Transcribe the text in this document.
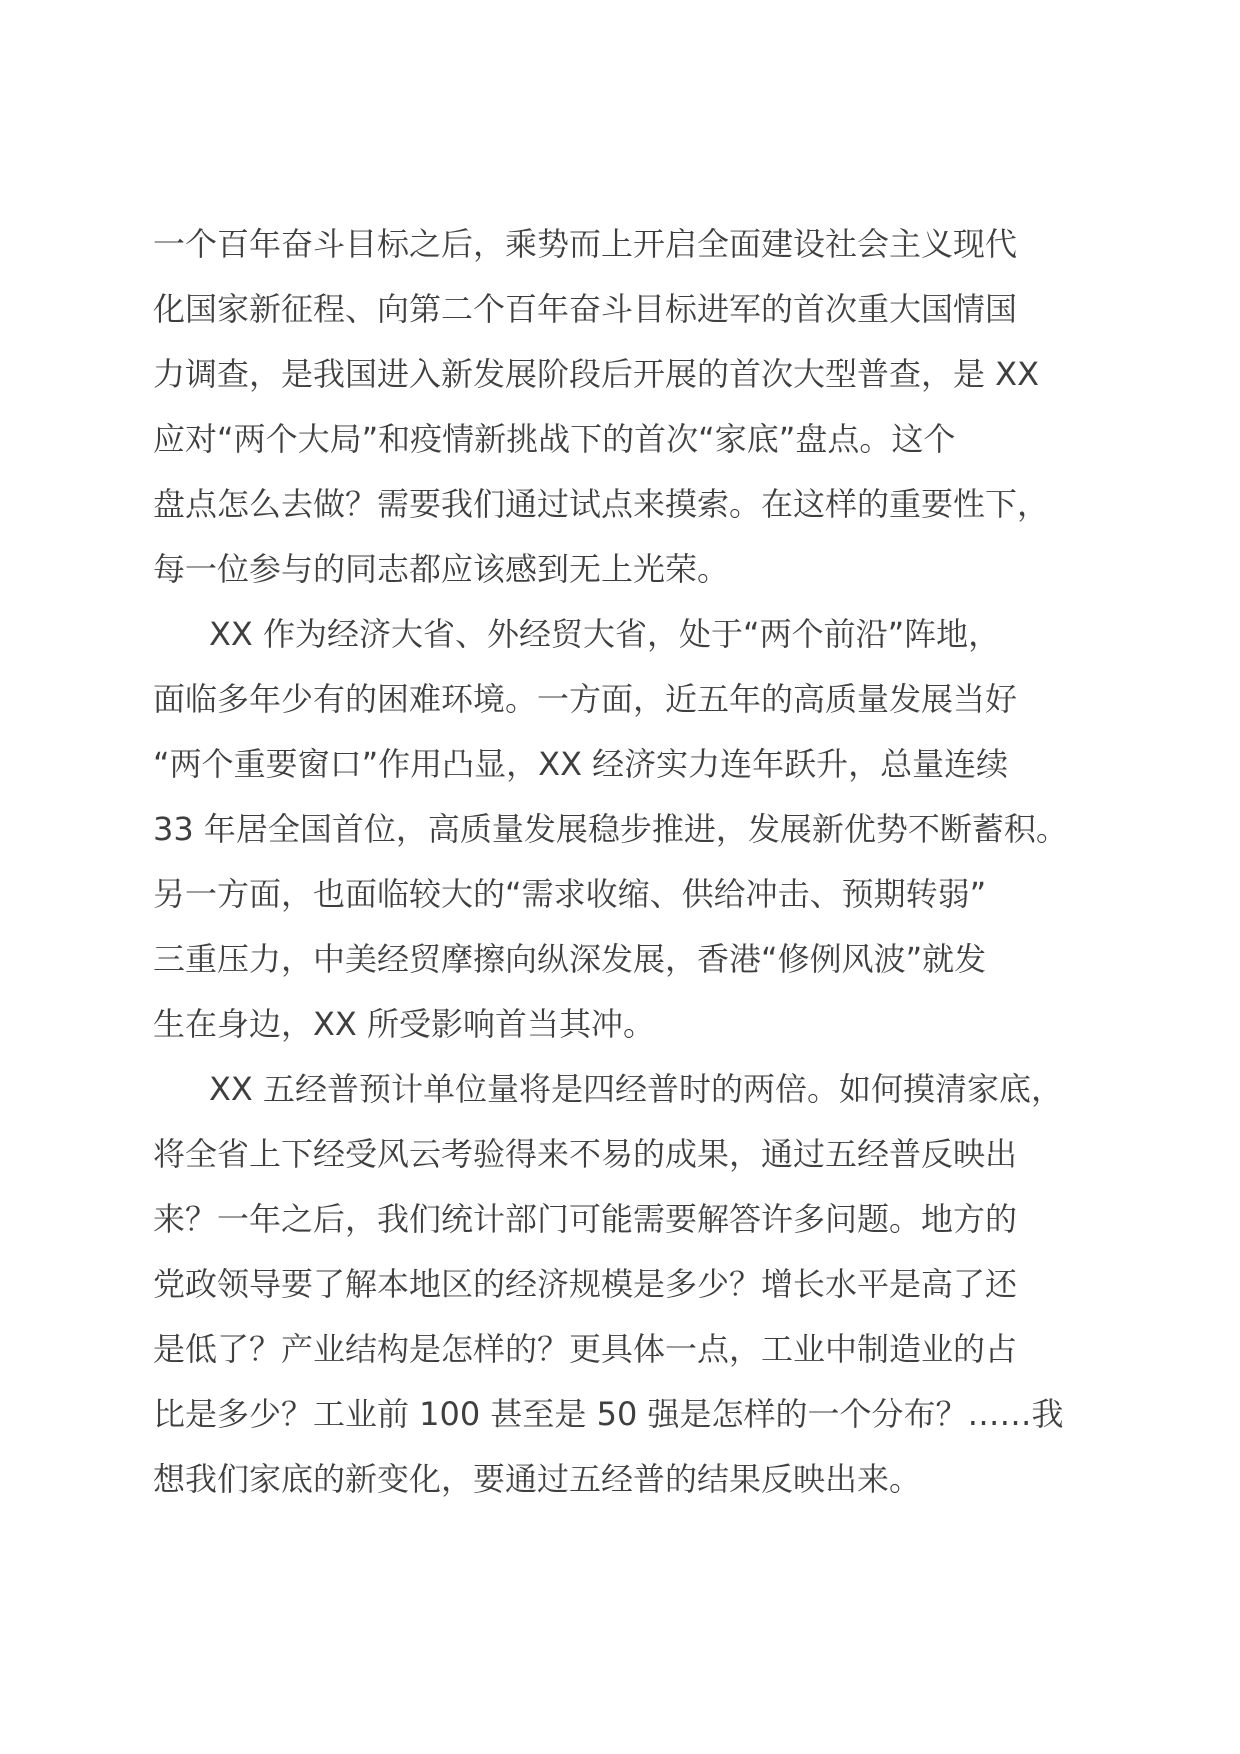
一个百年奋斗目标之后，乘势而上开启全面建设社会主义现代
化国家新征程、向第二个百年奋斗目标进军的首次重大国情国
力调查，是我国进入新发展阶段后开展的首次大型普查，是 XX
应对“两个大局”和疫情新挑战下的首次“家底”盘点。这个
盘点怎么去做？需要我们通过试点来摸索。在这样的重要性下，
每一位参与的同志都应该感到无上光荣。
XX 作为经济大省、外经贸大省，处于“两个前沿”阵地，
面临多年少有的困难环境。一方面，近五年的高质量发展当好
“两个重要窗口”作用凸显，XX 经济实力连年跃升，总量连续
33 年居全国首位，高质量发展稳步推进，发展新优势不断蓄积。
另一方面，也面临较大的“需求收缩、供给冲击、预期转弱”
三重压力，中美经贸摩擦向纵深发展，香港“修例风波”就发
生在身边，XX 所受影响首当其冲。
XX 五经普预计单位量将是四经普时的两倍。如何摸清家底，
将全省上下经受风云考验得来不易的成果，通过五经普反映出
来？一年之后，我们统计部门可能需要解答许多问题。地方的
党政领导要了解本地区的经济规模是多少？增长水平是高了还
是低了？产业结构是怎样的？更具体一点，工业中制造业的占
比是多少？工业前 100 甚至是 50 强是怎样的一个分布？……我
想我们家底的新变化，要通过五经普的结果反映出来。
